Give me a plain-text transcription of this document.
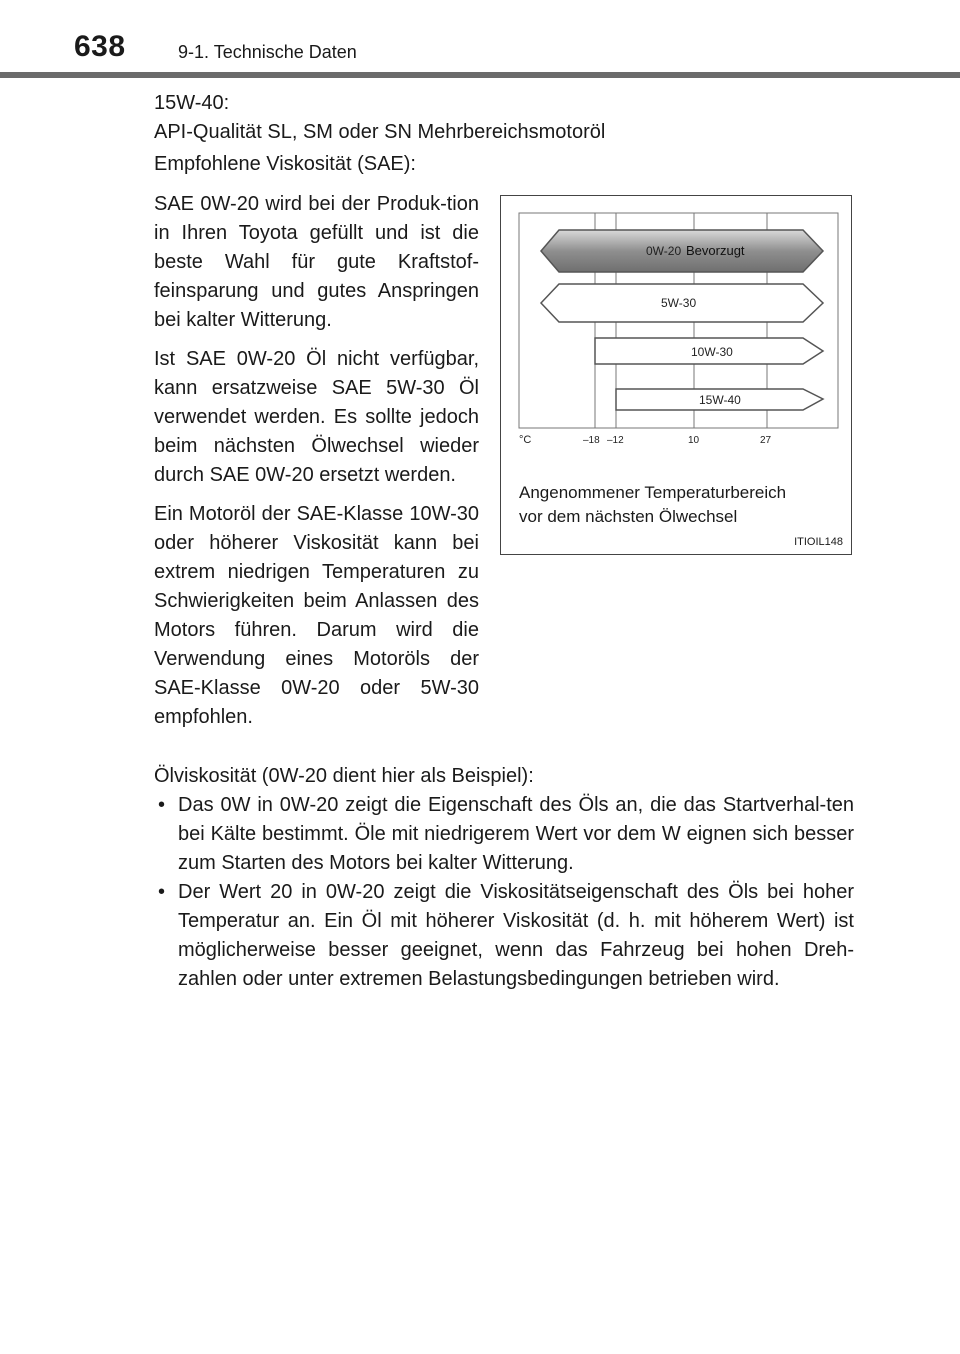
638	9-1. Technische Daten
15W-40:
API-Qualität SL, SM oder SN Mehrbereichsmotoröl
Empfohlene Viskosität (SAE):

SAE 0W-20 wird bei der Produk-tion in Ihren Toyota gefüllt und ist die beste Wahl für gute Kraftstof-feinsparung und gutes Anspringen bei kalter Witterung.

Ist SAE 0W-20 Öl nicht verfügbar, kann ersatzweise SAE 5W-30 Öl verwendet werden. Es sollte jedoch beim nächsten Ölwechsel wieder durch SAE 0W-20 ersetzt werden.

Ein Motoröl der SAE-Klasse 10W-30 oder höherer Viskosität kann bei extrem niedrigen Temperaturen zu Schwierigkeiten beim Anlassen des Motors führen. Darum wird die Verwendung eines Motoröls der SAE-Klasse 0W-20 oder 5W-30 empfohlen.

0W-20 Bevorzugt
5W-30
10W-30
15W-40
°C	–18 –12	10	27
Angenommener Temperaturbereich
vor dem nächsten Ölwechsel
ITIOIL148
Ölviskosität (0W-20 dient hier als Beispiel):
• Das 0W in 0W-20 zeigt die Eigenschaft des Öls an, die das Startverhal-ten bei Kälte bestimmt. Öle mit niedrigerem Wert vor dem W eignen sich besser zum Starten des Motors bei kalter Witterung.
• Der Wert 20 in 0W-20 zeigt die Viskositätseigenschaft des Öls bei hoher Temperatur an. Ein Öl mit höherer Viskosität (d. h. mit höherem Wert) ist möglicherweise besser geeignet, wenn das Fahrzeug bei hohen Dreh-zahlen oder unter extremen Belastungsbedingungen betrieben wird.
